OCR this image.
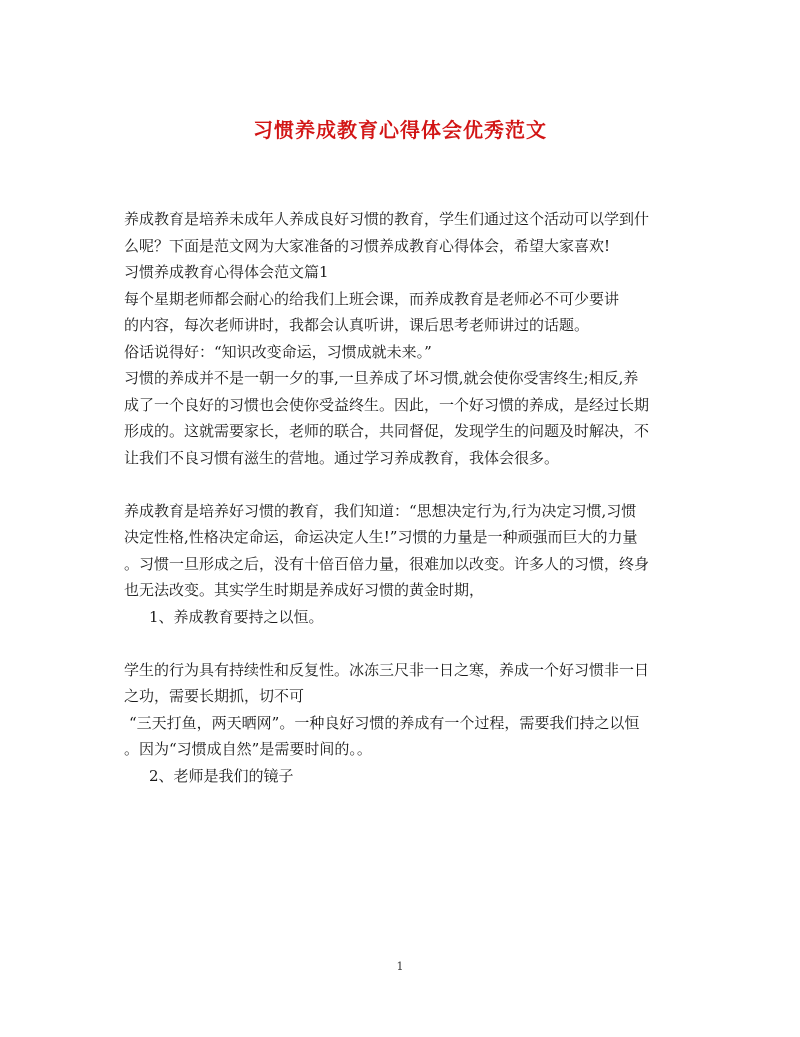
习惯养成教育心得体会优秀范文
养成教育是培养未成年人养成良好习惯的教育，学生们通过这个活动可以学到什
么呢？下面是范文网为大家准备的习惯养成教育心得体会，希望大家喜欢!
习惯养成教育心得体会范文篇1
每个星期老师都会耐心的给我们上班会课，而养成教育是老师必不可少要讲
的内容，每次老师讲时，我都会认真听讲，课后思考老师讲过的话题。
俗话说得好：“知识改变命运，习惯成就未来。”
习惯的养成并不是一朝一夕的事,一旦养成了坏习惯,就会使你受害终生;相反,养
成了一个良好的习惯也会使你受益终生。因此，一个好习惯的养成，是经过长期
形成的。这就需要家长，老师的联合，共同督促，发现学生的问题及时解决，不
让我们不良习惯有滋生的营地。通过学习养成教育，我体会很多。
养成教育是培养好习惯的教育，我们知道：“思想决定行为,行为决定习惯,习惯
决定性格,性格决定命运，命运决定人生!”习惯的力量是一种顽强而巨大的力量
。习惯一旦形成之后，没有十倍百倍力量，很难加以改变。许多人的习惯，终身
也无法改变。其实学生时期是养成好习惯的黄金时期，
1、养成教育要持之以恒。
学生的行为具有持续性和反复性。冰冻三尺非一日之寒，养成一个好习惯非一日
之功，需要长期抓，切不可
“三天打鱼，两天晒网”。一种良好习惯的养成有一个过程，需要我们持之以恒
。因为“习惯成自然”是需要时间的。。
2、老师是我们的镜子
1
